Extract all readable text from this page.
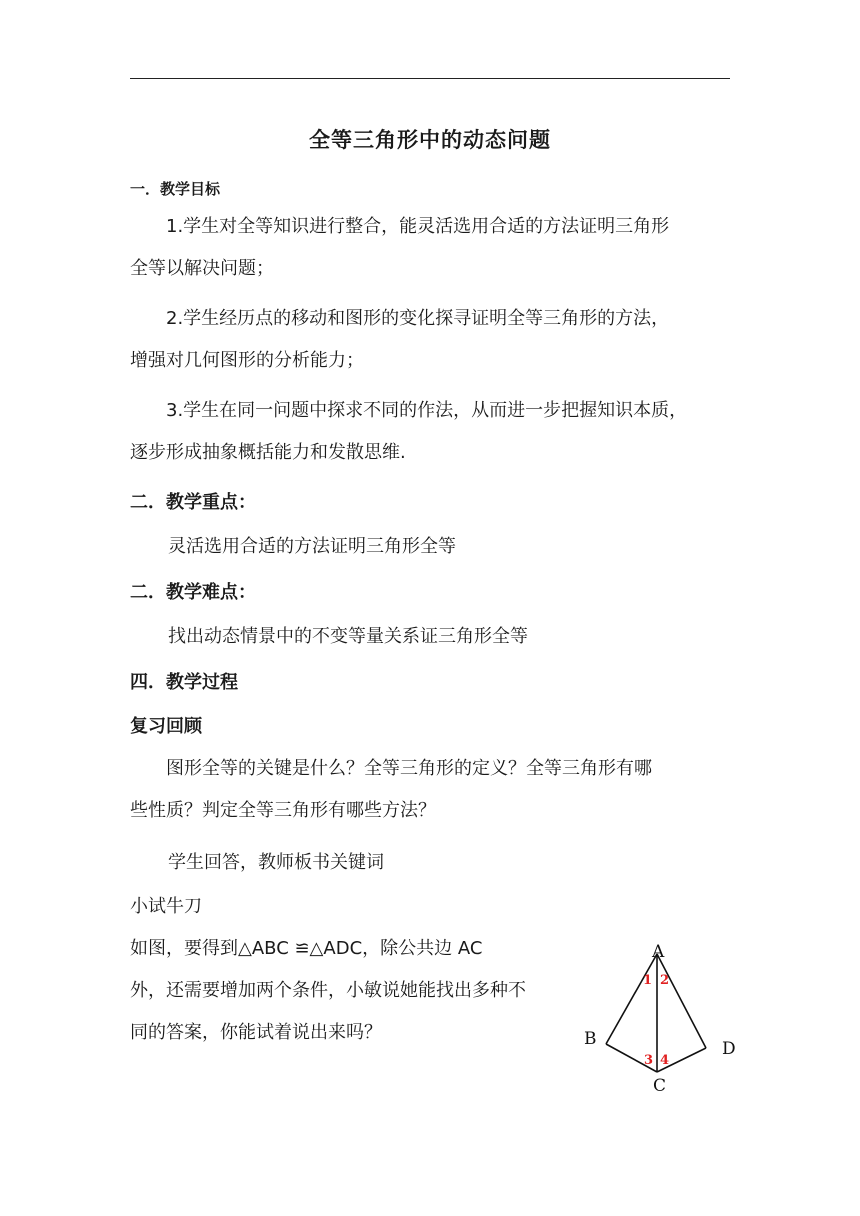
全等三角形中的动态问题
一．教学目标
1.学生对全等知识进行整合，能灵活选用合适的方法证明三角形
全等以解决问题；
2.学生经历点的移动和图形的变化探寻证明全等三角形的方法，
增强对几何图形的分析能力；
3.学生在同一问题中探求不同的作法，从而进一步把握知识本质，
逐步形成抽象概括能力和发散思维.
二．教学重点：
灵活选用合适的方法证明三角形全等
二．教学难点：
找出动态情景中的不变等量关系证三角形全等
四．教学过程
复习回顾
图形全等的关键是什么？全等三角形的定义？全等三角形有哪
些性质？判定全等三角形有哪些方法？
学生回答，教师板书关键词
小试牛刀
如图，要得到△ABC ≌△ADC，除公共边 AC
外，还需要增加两个条件，小敏说她能找出多种不
同的答案，你能试着说出来吗？
A
B
C
D
1 2
3 4
